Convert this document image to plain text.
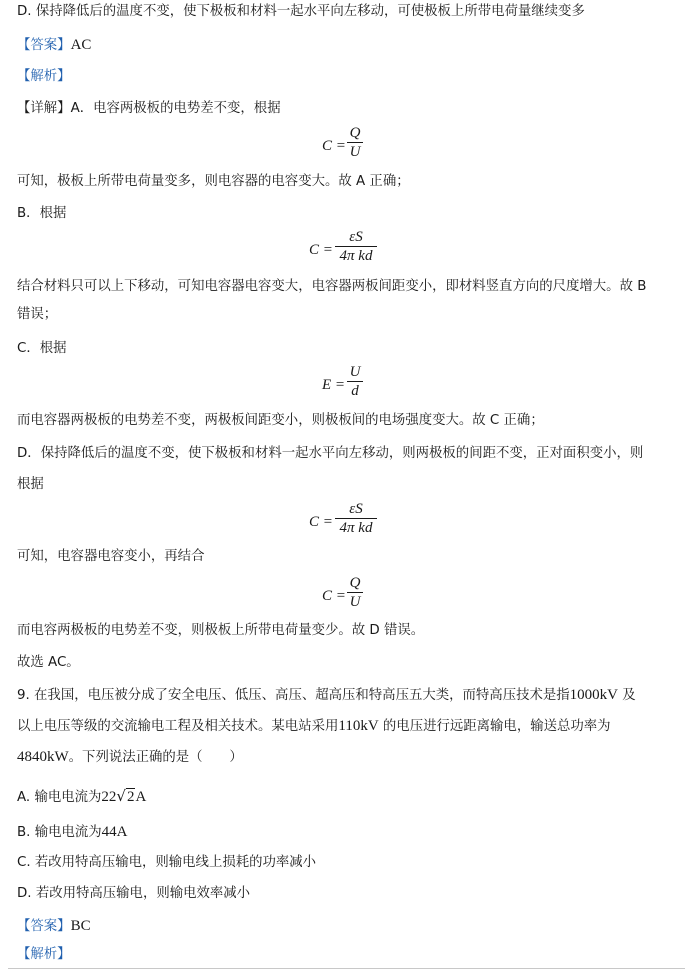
D. 保持降低后的温度不变，使下极板和材料一起水平向左移动，可使极板上所带电荷量继续变多
【答案】AC
【解析】
【详解】A．电容两极板的电势差不变，根据
C =
Q
U
可知，极板上所带电荷量变多，则电容器的电容变大。故 A 正确；
B．根据
C =
εS
4π kd
结合材料只可以上下移动，可知电容器电容变大，电容器两板间距变小，即材料竖直方向的尺度增大。故 B
错误；
C．根据
E =
U
d
而电容器两极板的电势差不变，两极板间距变小，则极板间的电场强度变大。故 C 正确；
D．保持降低后的温度不变，使下极板和材料一起水平向左移动，则两极板的间距不变，正对面积变小，则
根据
C =
εS
4π kd
可知，电容器电容变小，再结合
C =
Q
U
而电容两极板的电势差不变，则极板上所带电荷量变少。故 D 错误。
故选 AC。
9. 在我国，电压被分成了安全电压、低压、高压、超高压和特高压五大类，而特高压技术是指1000kV 及
以上电压等级的交流输电工程及相关技术。某电站采用110kV 的电压进行远距离输电，输送总功率为
4840kW。下列说法正确的是（　　）
A. 输电电流为22√2A
B. 输电电流为44A
C. 若改用特高压输电，则输电线上损耗的功率减小
D. 若改用特高压输电，则输电效率减小
【答案】BC
【解析】
